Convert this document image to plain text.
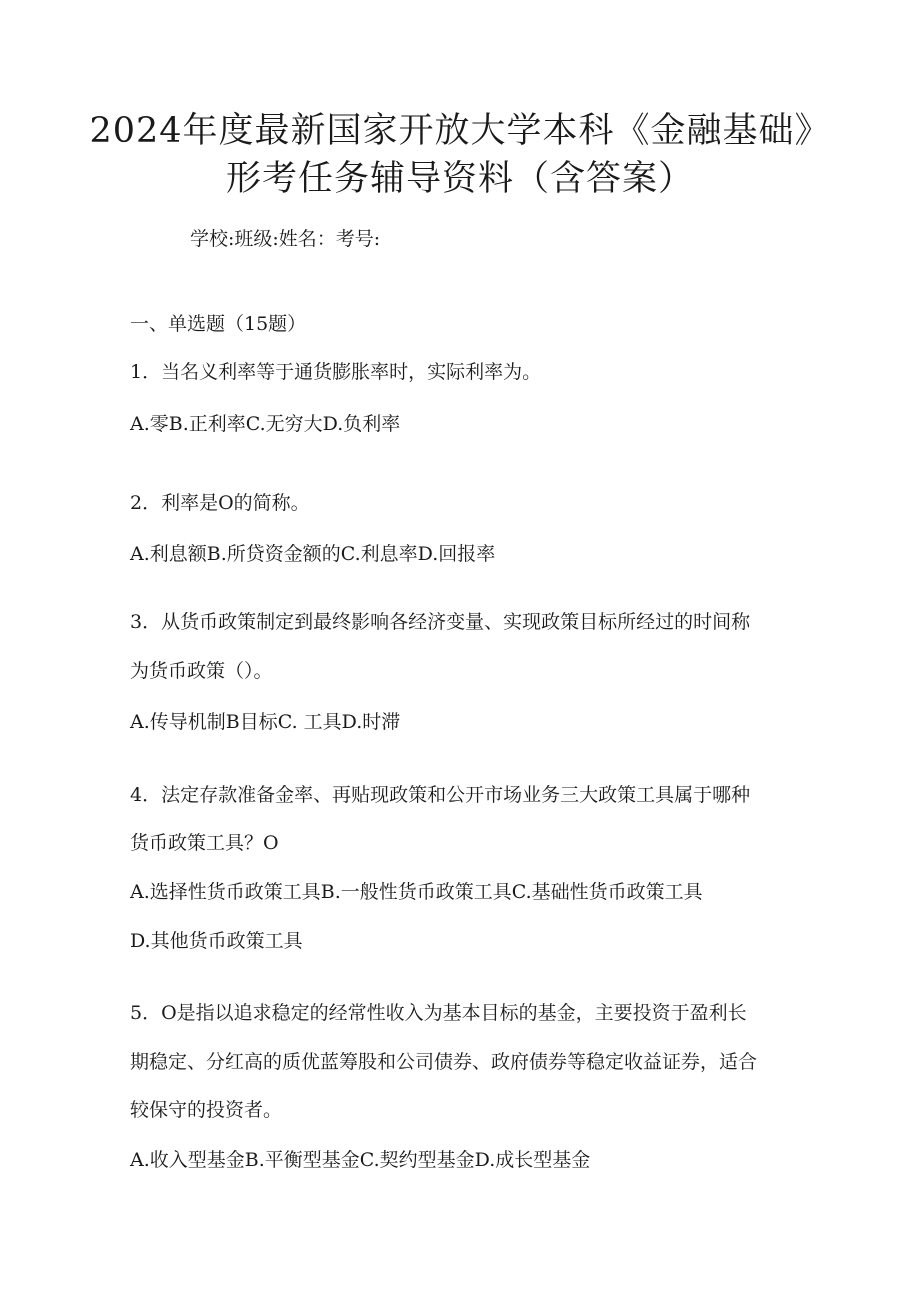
2024年度最新国家开放大学本科《金融基础》
形考任务辅导资料（含答案）
学校:班级:姓名：考号:
一、单选题（15题）
1．当名义利率等于通货膨胀率时，实际利率为。
A.零B.正利率C.无穷大D.负利率
2．利率是O的简称。
A.利息额B.所贷资金额的C.利息率D.回报率
3．从货币政策制定到最终影响各经济变量、实现政策目标所经过的时间称
为货币政策（）。
A.传导机制B目标C. 工具D.时滞
4．法定存款准备金率、再贴现政策和公开市场业务三大政策工具属于哪种
货币政策工具？O
A.选择性货币政策工具B.一般性货币政策工具C.基础性货币政策工具
D.其他货币政策工具
5．O是指以追求稳定的经常性收入为基本目标的基金，主要投资于盈利长
期稳定、分红高的质优蓝筹股和公司债券、政府债券等稳定收益证券，适合
较保守的投资者。
A.收入型基金B.平衡型基金C.契约型基金D.成长型基金
